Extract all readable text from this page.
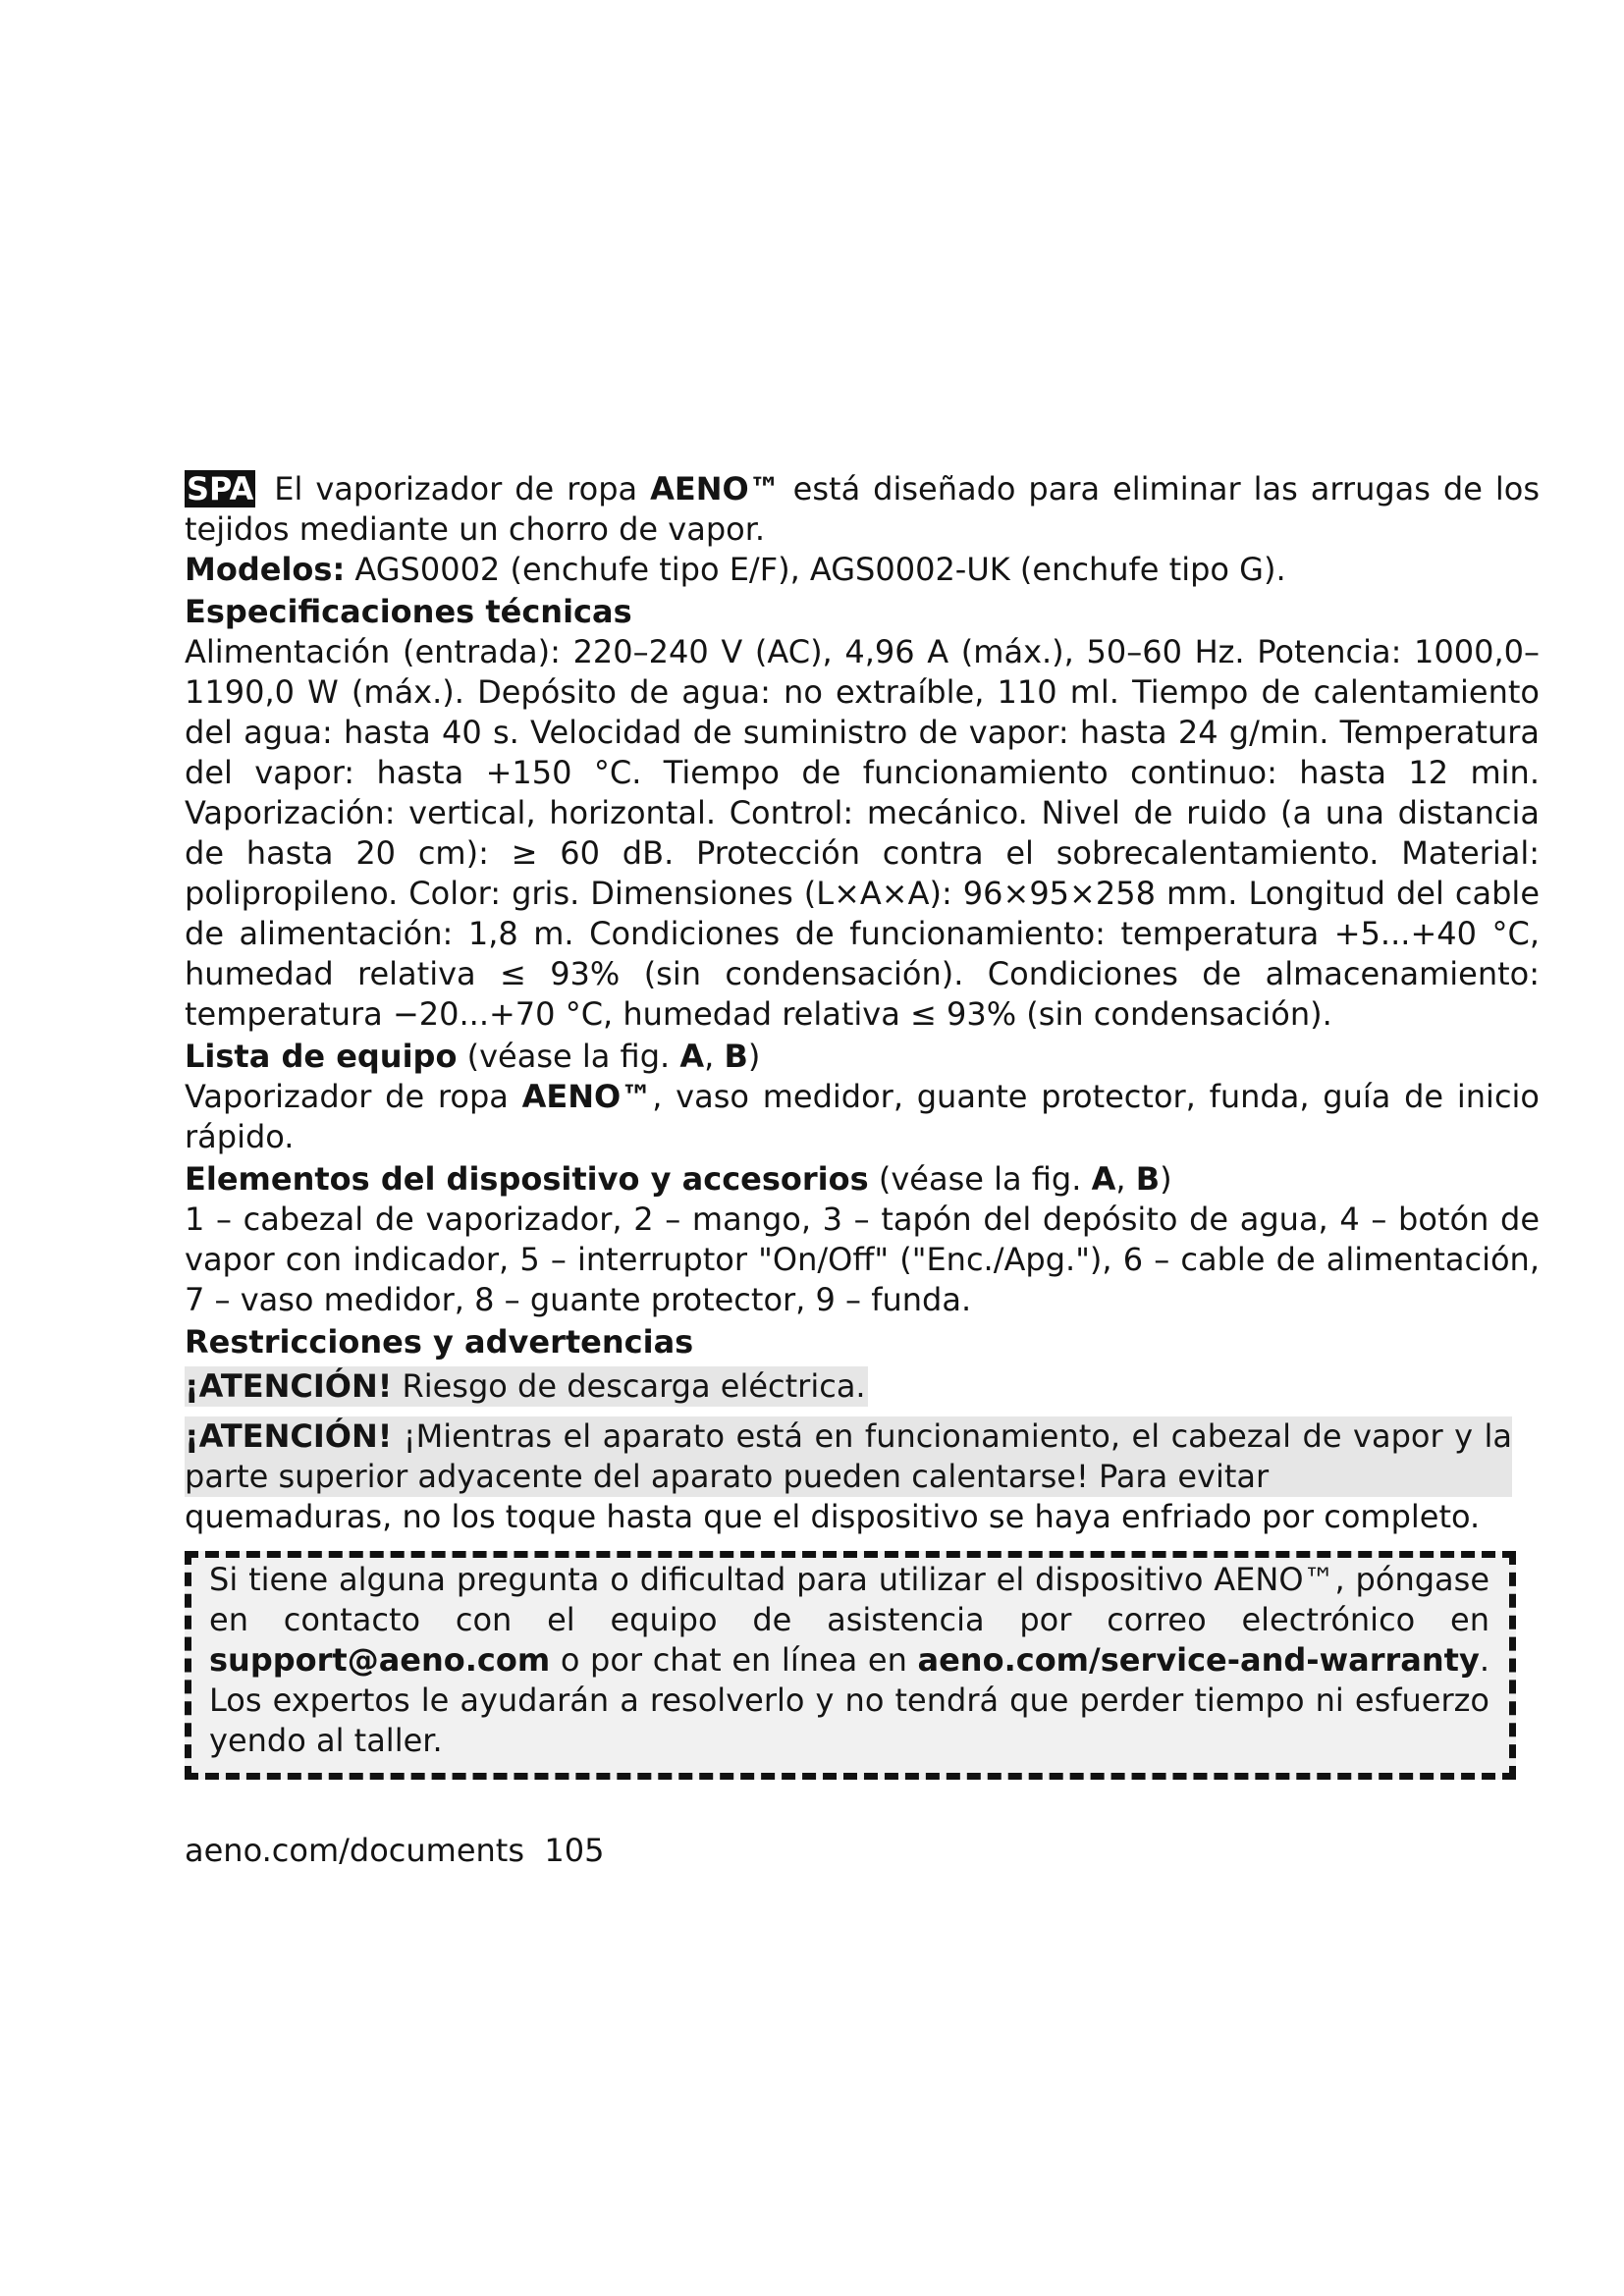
SPA El vaporizador de ropa AENO™ está diseñado para eliminar las arrugas de los tejidos mediante un chorro de vapor.

Modelos: AGS0002 (enchufe tipo E/F), AGS0002-UK (enchufe tipo G).

Especificaciones técnicas

Alimentación (entrada): 220–240 V (AC), 4,96 A (máx.), 50–60 Hz. Potencia: 1000,0–1190,0 W (máx.). Depósito de agua: no extraíble, 110 ml. Tiempo de calentamiento del agua: hasta 40 s. Velocidad de suministro de vapor: hasta 24 g/min. Temperatura del vapor: hasta +150 °C. Tiempo de funcionamiento continuo: hasta 12 min. Vaporización: vertical, horizontal. Control: mecánico. Nivel de ruido (a una distancia de hasta 20 cm): ≥ 60 dB. Protección contra el sobrecalentamiento. Material: polipropileno. Color: gris. Dimensiones (L×A×A): 96×95×258 mm. Longitud del cable de alimentación: 1,8 m. Condiciones de funcionamiento: temperatura +5...+40 °C, humedad relativa ≤ 93% (sin condensación). Condiciones de almacenamiento: temperatura −20...+70 °C, humedad relativa ≤ 93% (sin condensación).

Lista de equipo (véase la fig. A, B)

Vaporizador de ropa AENO™, vaso medidor, guante protector, funda, guía de inicio rápido.

Elementos del dispositivo y accesorios (véase la fig. A, B)

1 – cabezal de vaporizador, 2 – mango, 3 – tapón del depósito de agua, 4 – botón de vapor con indicador, 5 – interruptor "On/Off" ("Enc./Apg."), 6 – cable de alimentación, 7 – vaso medidor, 8 – guante protector, 9 – funda.

Restricciones y advertencias

¡ATENCIÓN! Riesgo de descarga eléctrica.
¡ATENCIÓN! ¡Mientras el aparato está en funcionamiento, el cabezal de vapor y la parte superior adyacente del aparato pueden calentarse! Para evitar
quemaduras, no los toque hasta que el dispositivo se haya enfriado por completo.
Si tiene alguna pregunta o dificultad para utilizar el dispositivo AENO™, póngase en contacto con el equipo de asistencia por correo electrónico en support@aeno.com o por chat en línea en aeno.com/service-and-warranty. Los expertos le ayudarán a resolverlo y no tendrá que perder tiempo ni esfuerzo yendo al taller.
aeno.com/documents 105
